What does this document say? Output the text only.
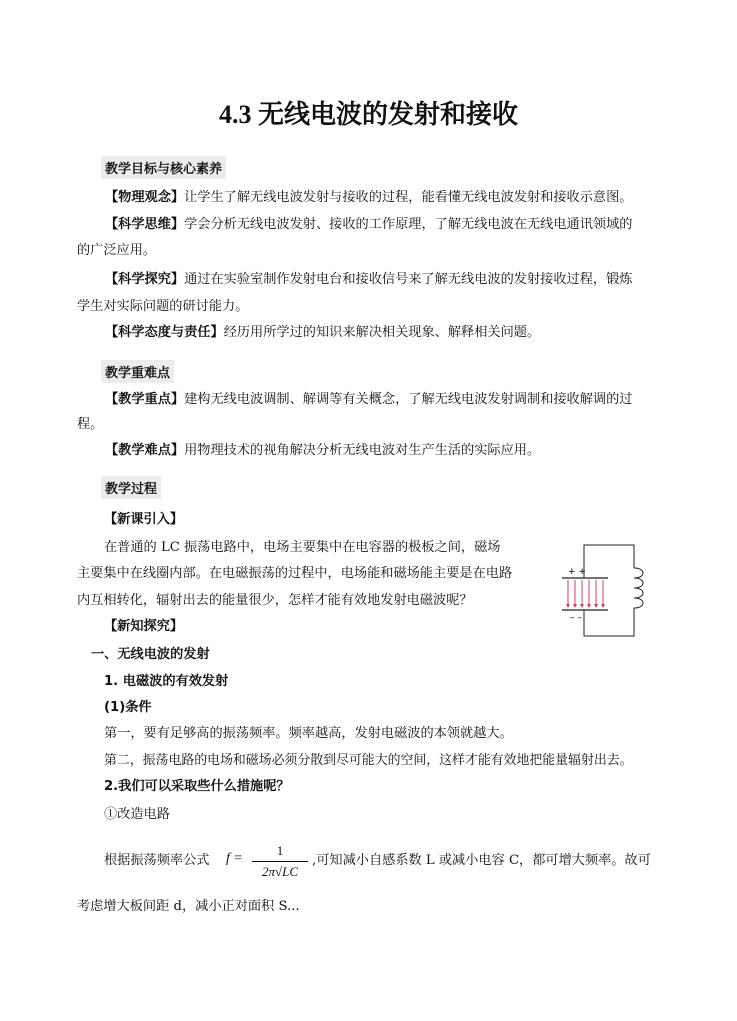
4.3 无线电波的发射和接收
教学目标与核心素养
【物理观念】让学生了解无线电波发射与接收的过程，能看懂无线电波发射和接收示意图。
【科学思维】学会分析无线电波发射、接收的工作原理，了解无线电波在无线电通讯领域的
的广泛应用。
【科学探究】通过在实验室制作发射电台和接收信号来了解无线电波的发射接收过程，锻炼
学生对实际问题的研讨能力。
【科学态度与责任】经历用所学过的知识来解决相关现象、解释相关问题。
教学重难点
【教学重点】建构无线电波调制、解调等有关概念，了解无线电波发射调制和接收解调的过
程。
【教学难点】用物理技术的视角解决分析无线电波对生产生活的实际应用。
教学过程
【新课引入】
在普通的 LC 振荡电路中，电场主要集中在电容器的极板之间，磁场
主要集中在线圈内部。在电磁振荡的过程中，电场能和磁场能主要是在电路
内互相转化，辐射出去的能量很少，怎样才能有效地发射电磁波呢？
+ +
– –
【新知探究】
一、无线电波的发射
1. 电磁波的有效发射
(1)条件
第一，要有足够高的振荡频率。频率越高，发射电磁波的本领就越大。
第二，振荡电路的电场和磁场必须分散到尽可能大的空间，这样才能有效地把能量辐射出去。
2.我们可以采取些什么措施呢？
①改造电路
根据振荡频率公式 f =
1
2π√LC
,可知减小自感系数 L 或减小电容 C，都可增大频率。故可
考虑增大板间距 d，减小正对面积 S...
